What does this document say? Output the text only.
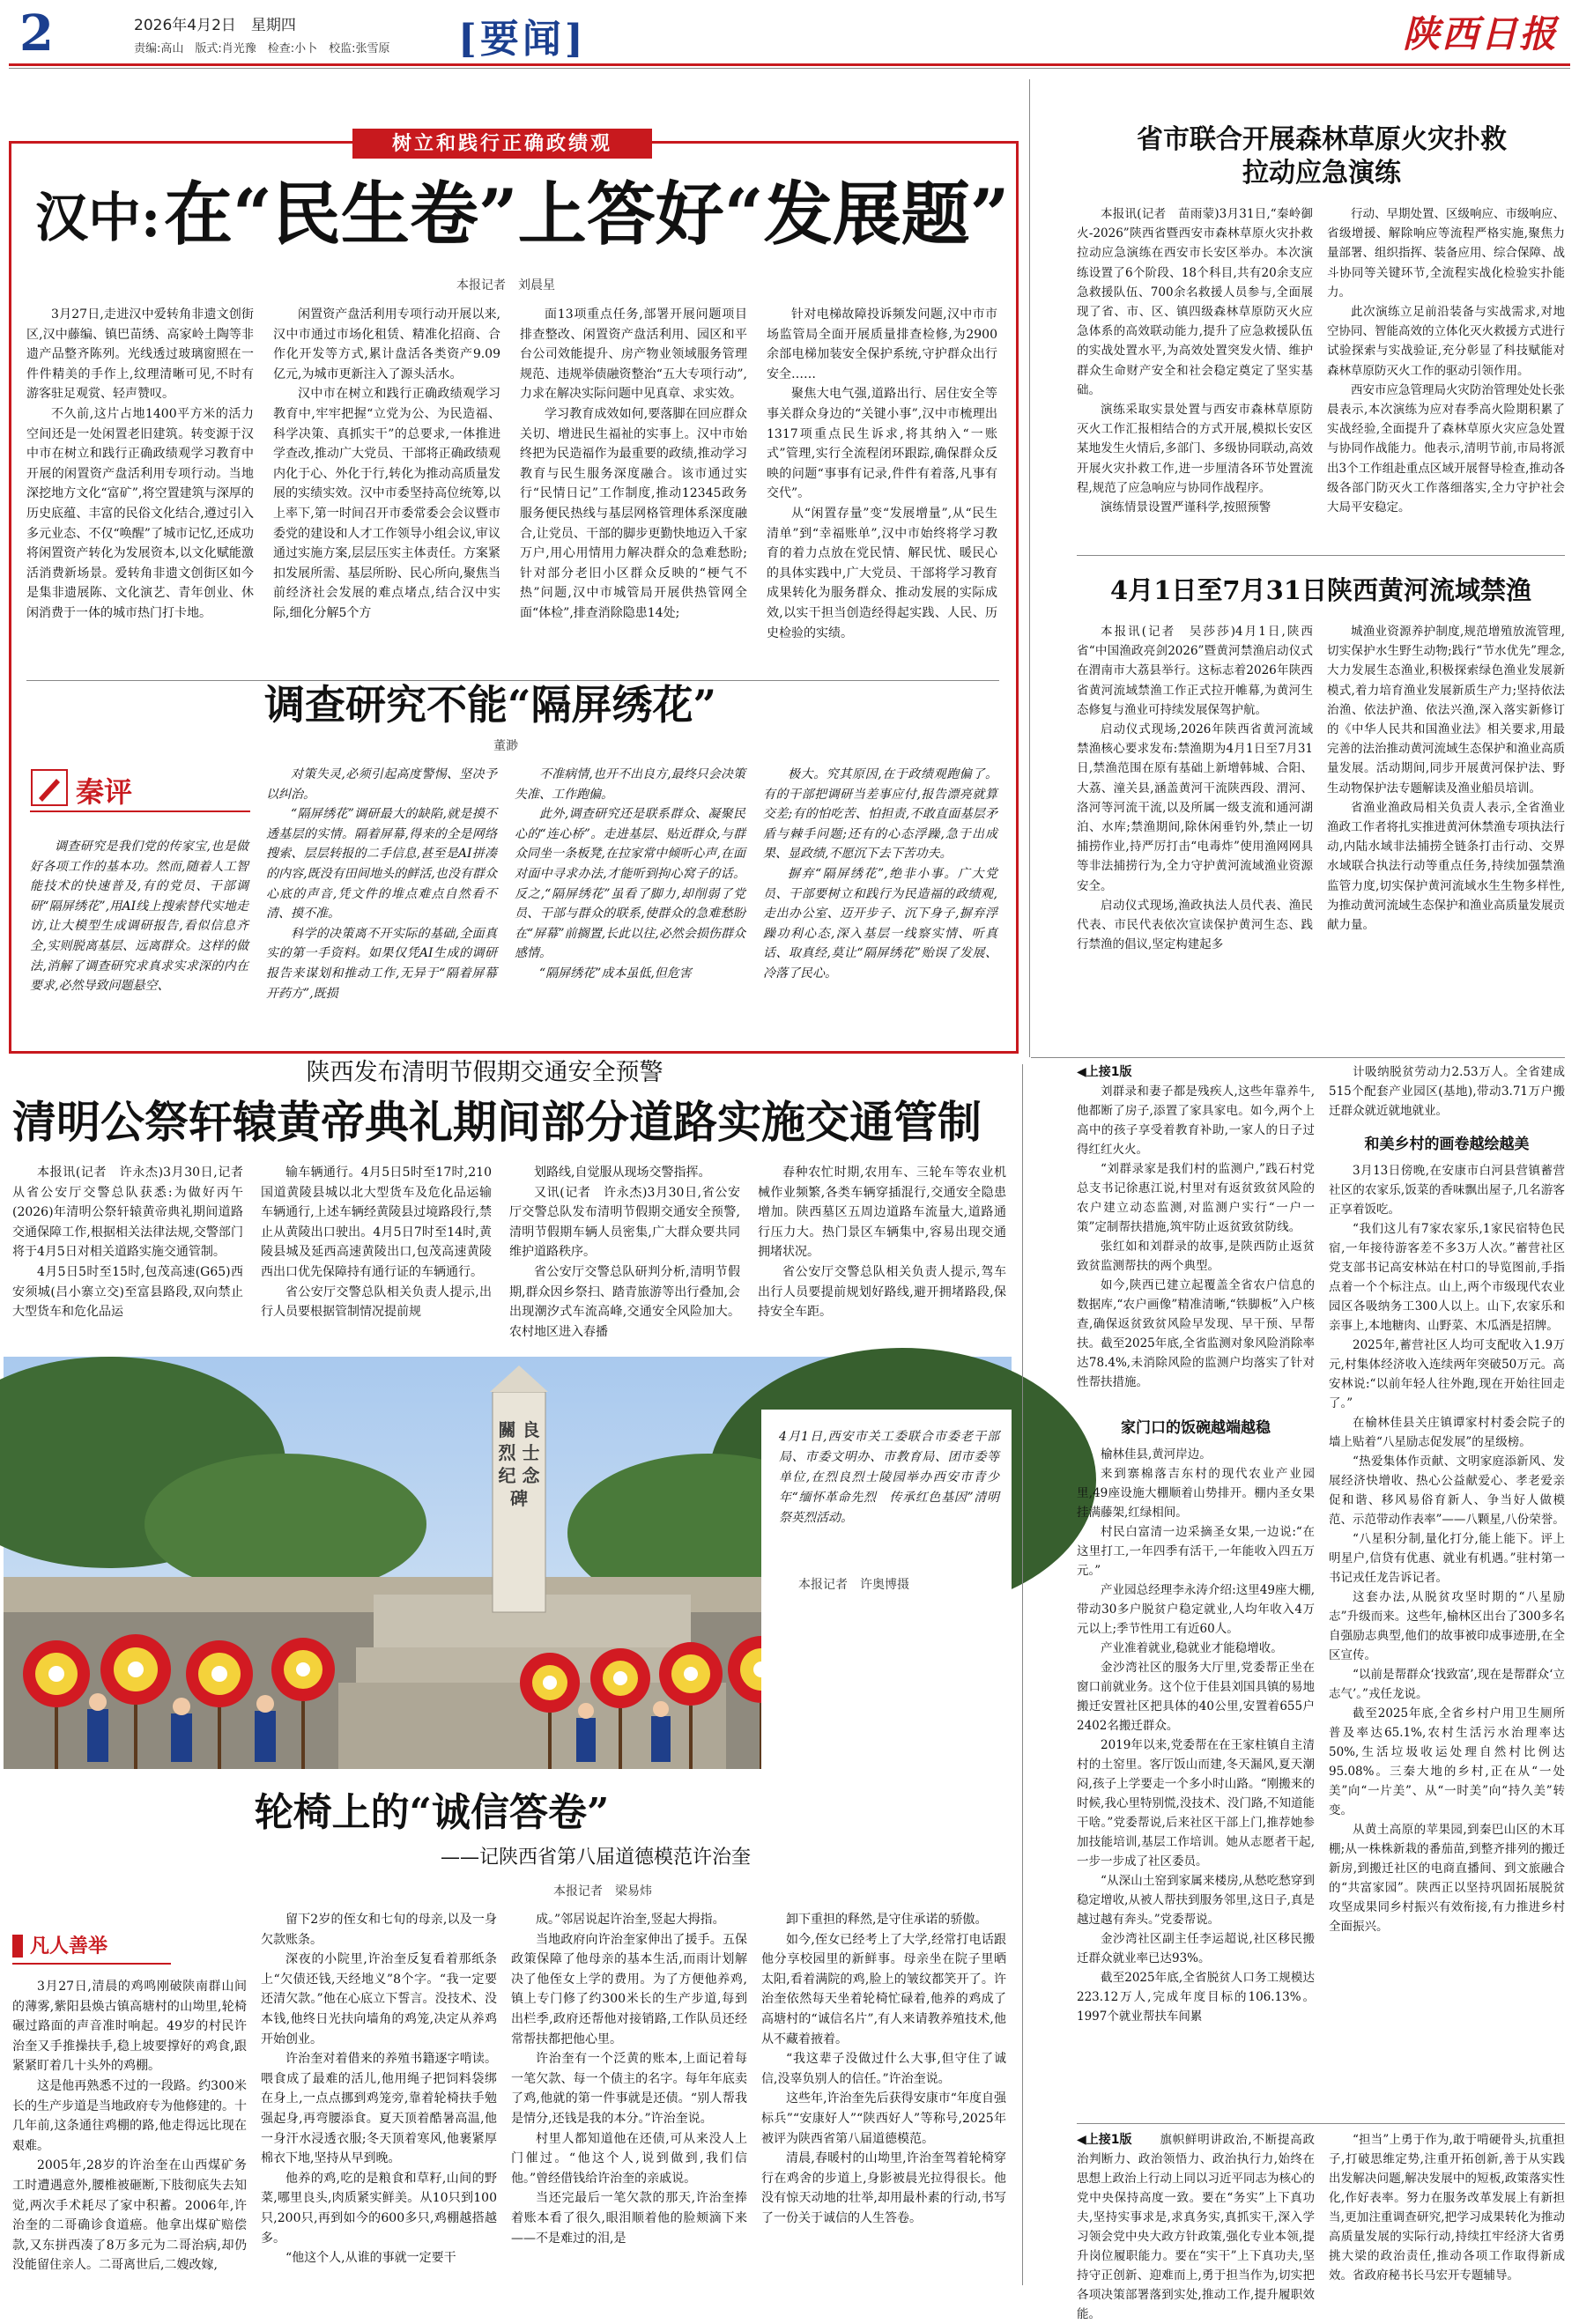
2	2026年4月2日　星期四
责编:高山　版式:肖光豫　检查:小卜　校监:张雪原 [要闻]	陕西日报
树立和践行正确政绩观
汉中: 在“民生卷”上答好“发展题”
本报记者　刘晨星

3月27日,走进汉中爱转角非遗文创街区,汉中藤编、镇巴苗绣、高家岭土陶等非遗产品整齐陈列。光线透过玻璃窗照在一件件精美的手作上,纹理清晰可见,不时有游客驻足观赏、轻声赞叹。

不久前,这片占地1400平方米的活力空间还是一处闲置老旧建筑。转变源于汉中市在树立和践行正确政绩观学习教育中开展的闲置资产盘活利用专项行动。当地深挖地方文化“富矿”,将空置建筑与深厚的历史底蕴、丰富的民俗文化结合,遵过引入多元业态、不仅“唤醒”了城市记忆,还成功将闲置资产转化为发展资本,以文化赋能激活消费新场景。爱转角非遗文创街区如今是集非遗展陈、文化演艺、青年创业、休闲消费于一体的城市热门打卡地。

闲置资产盘活利用专项行动开展以来,汉中市通过市场化租赁、精准化招商、合作化开发等方式,累计盘活各类资产9.09亿元,为城市更新注入了源头活水。

汉中市在树立和践行正确政绩观学习教育中,牢牢把握“立党为公、为民造福、科学决策、真抓实干”的总要求,一体推进学查改,推动广大党员、干部将正确政绩观内化于心、外化于行,转化为推动高质量发展的实绩实效。汉中市委坚持高位统筹,以上率下,第一时间召开市委常委会会议暨市委党的建设和人才工作领导小组会议,审议通过实施方案,层层压实主体责任。方案紧扣发展所需、基层所盼、民心所向,聚焦当前经济社会发展的难点堵点,结合汉中实际,细化分解5个方

面13项重点任务,部署开展问题项目排查整改、闲置资产盘活利用、园区和平台公司效能提升、房产物业领域服务管理规范、违规举债融资整治“五大专项行动”,力求在解决实际问题中见真章、求实效。

学习教育成效如何,要落脚在回应群众关切、增进民生福祉的实事上。汉中市始终把为民造福作为最重要的政绩,推动学习教育与民生服务深度融合。该市通过实行“民情日记”工作制度,推动12345政务服务便民热线与基层网格管理体系深度融合,让党员、干部的脚步更勤快地迈入千家万户,用心用情用力解决群众的急难愁盼;针对部分老旧小区群众反映的“梗气不热”问题,汉中市城管局开展供热管网全面“体检”,排查消除隐患14处;

针对电梯故障投诉频发问题,汉中市市场监管局全面开展质量排查检修,为2900余部电梯加装安全保护系统,守护群众出行安全……

聚焦大电气强,道路出行、居住安全等事关群众身边的“关键小事”,汉中市梳理出1317项重点民生诉求,将其纳入“一账式”管理,实行全流程闭环跟踪,确保群众反映的问题“事事有记录,件件有着落,凡事有交代”。

从“闲置存量”变“发展增量”,从“民生清单”到“幸福账单”,汉中市始终将学习教育的着力点放在党民情、解民忧、暖民心的具体实践中,广大党员、干部将学习教育成果转化为服务群众、推动发展的实际成效,以实干担当创造经得起实践、人民、历史检验的实绩。

调查研究不能“隔屏绣花”
董渺
秦评

调查研究是我们党的传家宝,也是做好各项工作的基本功。然而,随着人工智能技术的快速普及,有的党员、干部调研“隔屏绣花”,用AI线上搜索替代实地走访,让大模型生成调研报告,看似信息齐全,实则脱离基层、远离群众。这样的做法,消解了调查研究求真求实求深的内在要求,必然导致问题悬空、

对策失灵,必须引起高度警惕、坚决予以纠治。

“隔屏绣花”调研最大的缺陷,就是摸不透基层的实情。隔着屏幕,得来的全是网络搜索、层层转报的二手信息,甚至是AI拼凑的内容,既没有田间地头的鲜活,也没有群众心底的声音,凭文件的堆点难点自然看不清、摸不准。

科学的决策离不开实际的基础,全面真实的第一手资料。如果仅凭AI生成的调研报告来谋划和推动工作,无异于“隔着屏幕开药方”,既损

不准病情,也开不出良方,最终只会决策失准、工作跑偏。

此外,调查研究还是联系群众、凝聚民心的“连心桥”。走进基层、贴近群众,与群众同坐一条板凳,在拉家常中倾听心声,在面对面中寻求办法,才能听到拘心窝子的话。反之,“隔屏绣花”虽看了脚力,却削弱了党员、干部与群众的联系,使群众的急难愁盼在“屏幕”前搁置,长此以往,必然会损伤群众感情。

“隔屏绣花”成本虽低,但危害

极大。究其原因,在于政绩观跑偏了。有的干部把调研当差事应付,报告漂亮就算交差;有的怕吃苦、怕担责,不敢直面基层矛盾与棘手问题;还有的心态浮躁,急于出成果、显政绩,不愿沉下去下苦功夫。

摒弃“隔屏绣花”,绝非小事。广大党员、干部要树立和践行为民造福的政绩观,走出办公室、迈开步子、沉下身子,摒弃浮躁功利心态,深入基层一线察实情、听真话、取真经,莫让“隔屏绣花”贻误了发展、冷落了民心。

省市联合开展森林草原火灾扑救
拉动应急演练

本报讯(记者　苗雨蒙)3月31日,“秦岭御火-2026”陕西省暨西安市森林草原火灾扑救拉动应急演练在西安市长安区举办。本次演练设置了6个阶段、18个科目,共有20余支应急救援队伍、700余名救援人员参与,全面展现了省、市、区、镇四级森林草原防灭火应急体系的高效联动能力,提升了应急救援队伍的实战处置水平,为高效处置突发火情、维护群众生命财产安全和社会稳定奠定了坚实基础。

演练采取实景处置与西安市森林草原防灭火工作汇报相结合的方式开展,模拟长安区某地发生火情后,多部门、多级协同联动,高效开展火灾扑救工作,进一步厘清各环节处置流程,规范了应急响应与协同作战程序。

演练情景设置严谨科学,按照预警

行动、早期处置、区级响应、市级响应、省级增援、解除响应等流程严格实施,聚焦力量部署、组织指挥、装备应用、综合保障、战斗协同等关键环节,全流程实战化检验实扑能力。

此次演练立足前沿装备与实战需求,对地空协同、智能高效的立体化灭火救援方式进行试验探索与实战验证,充分彰显了科技赋能对森林草原防灭火工作的驱动引领作用。

西安市应急管理局火灾防治管理处处长张晨表示,本次演练为应对春季高火险期积累了实战经验,全面提升了森林草原火灾应急处置与协同作战能力。他表示,清明节前,市局将派出3个工作组赴重点区域开展督导检查,推动各级各部门防灭火工作落细落实,全力守护社会大局平安稳定。

4月1日至7月31日陕西黄河流域禁渔

本报讯(记者　吴莎莎)4月1日,陕西省“中国渔政亮剑2026”暨黄河禁渔启动仪式在渭南市大荔县举行。这标志着2026年陕西省黄河流域禁渔工作正式拉开帷幕,为黄河生态修复与渔业可持续发展保驾护航。

启动仪式现场,2026年陕西省黄河流域禁渔核心要求发布:禁渔期为4月1日至7月31日,禁渔范围在原有基础上新增韩城、合阳、大荔、潼关县,涵盖黄河干流陕西段、渭河、洛河等河流干流,以及所属一级支流和通河湖泊、水库;禁渔期间,除休闲垂钓外,禁止一切捕捞作业,持严厉打击“电毒炸”使用渔网网具等非法捕捞行为,全力守护黄河流域渔业资源安全。

启动仪式现场,渔政执法人员代表、渔民代表、市民代表依次宣读保护黄河生态、践行禁渔的倡议,坚定构建起多

城渔业资源养护制度,规范增殖放流管理,切实保护水生野生动物;践行“节水优先”理念,大力发展生态渔业,积极探索绿色渔业发展新模式,着力培育渔业发展新质生产力;坚持依法治渔、依法护渔、依法兴渔,深入落实新修订的《中华人民共和国渔业法》相关要求,用最完善的法治推动黄河流域生态保护和渔业高质量发展。活动期间,同步开展黄河保护法、野生动物保护法专题解读及渔业船员培训。

省渔业渔政局相关负责人表示,全省渔业渔政工作者将扎实推进黄河休禁渔专项执法行动,内陆水域非法捕捞全链条打击行动、交界水域联合执法行动等重点任务,持续加强禁渔监管力度,切实保护黄河流域水生生物多样性,为推动黄河流域生态保护和渔业高质量发展贡献力量。

陕西发布清明节假期交通安全预警
清明公祭轩辕黄帝典礼期间部分道路实施交通管制

本报讯(记者　许永杰)3月30日,记者从省公安厅交警总队获悉:为做好丙午(2026)年清明公祭轩辕黄帝典礼期间道路交通保障工作,根据相关法律法规,交警部门将于4月5日对相关道路实施交通管制。

4月5日5时至15时,包茂高速(G65)西安须城(吕小寨立交)至富县路段,双向禁止大型货车和危化品运

输车辆通行。4月5日5时至17时,210国道黄陵县城以北大型货车及危化品运输车辆通行,上述车辆经黄陵县过境路段行,禁止从黄陵出口驶出。4月5日7时至14时,黄陵县城及延西高速黄陵出口,包茂高速黄陵西出口优先保障持有通行证的车辆通行。

省公安厅交警总队相关负责人提示,出行人员要根据管制情况提前规

划路线,自觉服从现场交警指挥。

又讯(记者　许永杰)3月30日,省公安厅交警总队发布清明节假期交通安全预警,清明节假期车辆人员密集,广大群众要共同维护道路秩序。

省公安厅交警总队研判分析,清明节假期,群众因乡祭扫、踏青旅游等出行叠加,会出现潮汐式车流高峰,交通安全风险加大。农村地区进入春播

春种农忙时期,农用车、三轮车等农业机械作业频繁,各类车辆穿插混行,交通安全隐患增加。陕西墓区五周边道路车流量大,道路通行压力大。热门景区车辆集中,容易出现交通拥堵状况。

省公安厅交警总队相关负责人提示,驾车出行人员要提前规划好路线,避开拥堵路段,保持安全车距。

關 良 烈 士 纪 念 碑
4月1日,西安市关工委联合市委老干部局、市委文明办、市教育局、团市委等单位,在烈良烈士陵园举办西安市青少年“缅怀革命先烈　传承红色基因”清明祭英烈活动。
本报记者　许奥博摄
轮椅上的“诚信答卷”
——记陕西省第八届道德模范许治奎
本报记者　梁易炜
凡人善举

3月27日,清晨的鸡鸣刚破陕南群山间的薄雾,紫阳县焕古镇高塘村的山坳里,轮椅碾过路面的声音准时响起。49岁的村民许治奎又手推操扶手,稳上坡要撑好的鸡食,跟紧紧盯着几十头外的鸡棚。

这是他再熟悉不过的一段路。约300米长的生产步道是当地政府专为他修建的。十几年前,这条通往鸡棚的路,他走得远比现在艰难。

2005年,28岁的许治奎在山西煤矿务工时遭遇意外,腰椎被砸断,下肢彻底失去知觉,两次手术耗尽了家中积蓄。2006年,许治奎的二哥确诊食道癌。他拿出煤矿赔偿款,又东拼西凑了8万多元为二哥治病,却仍没能留住亲人。二哥离世后,二嫂改嫁,

留下2岁的侄女和七旬的母亲,以及一身欠款账条。

深夜的小院里,许治奎反复看着那纸条上“欠债还钱,天经地义”8个字。“我一定要还清欠款。”他在心底立下誓言。没技术、没本钱,他终日光扶向墙角的鸡笼,决定从养鸡开始创业。

许治奎对着借来的养殖书籍逐字啃读。喂食成了最难的活儿,他用绳子把饲料袋绑在身上,一点点挪到鸡笼旁,靠着轮椅扶手勉强起身,再弯腰添食。夏天顶着酷暑高温,他一身汗水浸透衣服;冬天顶着寒风,他裹紧厚棉衣下地,坚持从早到晚。

他养的鸡,吃的是粮食和草籽,山间的野菜,哪里良头,肉质紧实鲜美。从10只到100只,200只,再到如今的600多只,鸡棚越搭越多。

“他这个人,从谁的事就一定要干

成。”邻居说起许治奎,竖起大拇指。

当地政府向许治奎家伸出了援手。五保政策保障了他母亲的基本生活,而雨计划解决了他侄女上学的费用。为了方便他养鸡,镇上专门修了约300米长的生产步道,每到出栏季,政府还帮他对接销路,工作队员还经常帮扶都把他心里。

许治奎有一个泛黄的账本,上面记着每一笔欠款、每一个债主的名字。每年年底卖了鸡,他就的第一件事就是还债。“别人帮我是情分,还钱是我的本分。”许治奎说。

村里人都知道他在还债,可从来没人上门催过。“他这个人,说到做到,我们信他。”曾经借钱给许治奎的亲戚说。

当还完最后一笔欠款的那天,许治奎捧着账本看了很久,眼泪顺着他的脸颊滴下来——不是难过的泪,是

卸下重担的释然,是守住承诺的骄傲。

如今,侄女已经考上了大学,经常打电话跟他分享校园里的新鲜事。母亲坐在院子里晒太阳,看着满院的鸡,脸上的皱纹都笑开了。许治奎依然每天坐着轮椅忙碌着,他养的鸡成了高塘村的“诚信名片”,有人来请教养殖技术,他从不藏着掖着。

“我这辈子没做过什么大事,但守住了诚信,没辜负别人的信任。”许治奎说。

这些年,许治奎先后获得安康市“年度自强标兵”“安康好人”“陕西好人”等称号,2025年被评为陕西省第八届道德模范。

清晨,春暖村的山坳里,许治奎驾着轮椅穿行在鸡舍的步道上,身影被晨光拉得很长。他没有惊天动地的壮举,却用最朴素的行动,书写了一份关于诚信的人生答卷。

◀上接1版

刘群录和妻子都是残疾人,这些年靠养牛,他都断了房子,添置了家具家电。如今,两个上高中的孩子享受着教育补助,一家人的日子过得红红火火。

“刘群录家是我们村的监测户,”践石村党总支书记徐惠江说,村里对有返贫致贫风险的农户建立动态监测,对监测户实行“一户一策”定制帮扶措施,筑牢防止返贫致贫防线。

张红如和刘群录的故事,是陕西防止返贫致贫监测帮扶的两个典型。

如今,陕西已建立起覆盖全省农户信息的数据库,“农户画像”精准清晰,“铁脚板”入户核查,确保返贫致贫风险早发现、早干预、早帮扶。截至2025年底,全省监测对象风险消除率达78.4%,未消除风险的监测户均落实了针对性帮扶措施。

家门口的饭碗越端越稳

榆林佳县,黄河岸边。

来到寨棉落吉东村的现代农业产业园里,49座设施大棚顺着山势排开。棚内圣女果挂满藤架,红绿相间。

村民白富清一边采摘圣女果,一边说:“在这里打工,一年四季有活干,一年能收入四五万元。”

产业园总经理李永涛介绍:这里49座大棚,带动30多户脱贫户稳定就业,人均年收入4万元以上;季节性用工有近60人。

产业准着就业,稳就业才能稳增收。

金沙湾社区的服务大厅里,党委帮正坐在窗口前就业务。这个位于佳县刘国具镇的易地搬迁安置社区把具体的40公里,安置着655户2402名搬迁群众。

2019年以来,党委帮在在王家柱镇自主清村的土窑里。客厅饭山而建,冬天漏风,夏天潮闷,孩子上学要走一个多小时山路。“刚搬来的时候,我心里特别慌,没技术、没门路,不知道能干啥。”党委帮说,后来社区干部上门,推荐她参加技能培训,基层工作培训。她从志愿者干起,一步一步成了社区委员。

“从深山土窑到家属来楼房,从愁吃愁穿到稳定增收,从被人帮扶到服务邻里,这日子,真是越过越有奔头。”党委帮说。

金沙湾社区副主任李运超说,社区移民搬迁群众就业率已达93%。

截至2025年底,全省脱贫人口务工规模达223.12万人,完成年度目标的106.13%。1997个就业帮扶车间累

计吸纳脱贫劳动力2.53万人。全省建成515个配套产业园区(基地),带动3.71万户搬迁群众就近就地就业。

和美乡村的画卷越绘越美

3月13日傍晚,在安康市白河县营镇蓄营社区的农家乐,饭菜的香味飘出屋子,几名游客正享着饭吃。

“我们这儿有7家农家乐,1家民宿特色民宿,一年接待游客差不多3万人次。”蓄营社区党支部书记高安林站在村口的导览图前,手指点着一个个标注点。山上,两个市级现代农业园区各吸纳务工300人以上。山下,农家乐和亲事上,本地糖肉、山野菜、木瓜酒是招牌。

2025年,蓄营社区人均可支配收入1.9万元,村集体经济收入连续两年突破50万元。高安林说:“以前年轻人往外跑,现在开始往回走了。”

在榆林佳县关庄镇谭家村村委会院子的墙上贴着“八星励志促发展”的星级榜。

“热爱集体作贡献、文明家庭添新风、发展经济快增收、热心公益献爱心、孝老爱亲促和谐、移风易俗育新人、争当好人做模范、示范带动作表率”——八颗星,八份荣誉。

“八星积分制,量化打分,能上能下。评上明星户,信贷有优惠、就业有机遇。”驻村第一书记戎任龙告诉记者。

这套办法,从脱贫攻坚时期的“八星励志”升级而来。这些年,榆林区出台了300多名自强励志典型,他们的故事被印成事迹册,在全区宣传。

“以前是帮群众‘找致富’,现在是帮群众‘立志气’。”戎任龙说。

截至2025年底,全省乡村户用卫生厕所普及率达65.1%,农村生活污水治理率达50%,生活垃圾收运处理自然村比例达95.08%。三秦大地的乡村,正在从“一处美”向“一片美”、从“一时美”向“持久美”转变。

从黄土高原的苹果园,到秦巴山区的木耳棚;从一株株新栽的番茄苗,到整齐排列的搬迁新房,到搬迁社区的电商直播间、到文旅融合的“共富家园”。陕西正以坚持巩固拓展脱贫攻坚成果同乡村振兴有效衔接,有力推进乡村全面振兴。

◀上接1版	旗帜鲜明讲政治,不断提高政治判断力、政治领悟力、政治执行力,始终在思想上政治上行动上同以习近平同志为核心的党中央保持高度一致。要在“务实”上下真功夫,坚持实事求是,求真务实,真抓实干,深入学习领会党中央大政方针政策,强化专业本领,提升岗位履职能力。要在“实干”上下真功夫,坚持守正创新、迎难而上,勇于担当作为,切实把各项决策部署落到实处,推动工作,提升履职效能。

“担当”上勇于作为,敢于啃硬骨头,抗重担子,打破思维定势,注重开拓创新,善于从实践出发解决问题,解决发展中的短板,政策落实性化,作好表率。努力在服务改革发展上有新担当,更加注重调查研究,把学习成果转化为推动高质量发展的实际行动,持续扛牢经济大省勇挑大梁的政治责任,推动各项工作取得新成效。省政府秘书长马宏开专题辅导。
